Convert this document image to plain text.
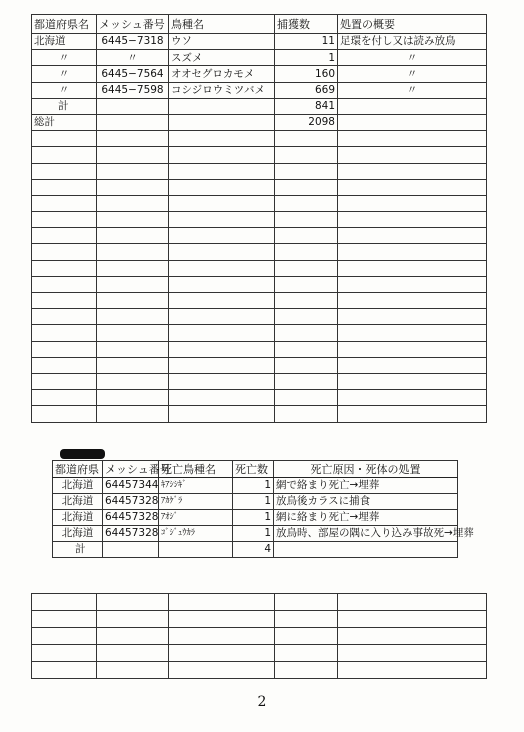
都道府県名	メッシュ番号	鳥種名	捕獲数	処置の概要
北海道	6445−7318	ウソ	11	足環を付し又は読み放鳥
〃	〃	スズメ	1	〃
〃	6445−7564	オオセグロカモメ	160	〃
〃	6445−7598	コシジロウミツバメ	669	〃
計			841	
総計			2098	

都道府県	メッシュ番号	死亡鳥種名	死亡数	死亡原因・死体の処置
北海道	64457344	ｷｱｼｼｷﾞ	1	網で絡まり死亡→埋葬
北海道	64457328	ｱｶｹﾞﾗ	1	放鳥後カラスに捕食
北海道	64457328	ｱｵｼﾞ	1	網に絡まり死亡→埋葬
北海道	64457328	ｺﾞｼﾞｭｳｶﾗ	1	放鳥時、部屋の隅に入り込み事故死→埋葬
計			4	

2
